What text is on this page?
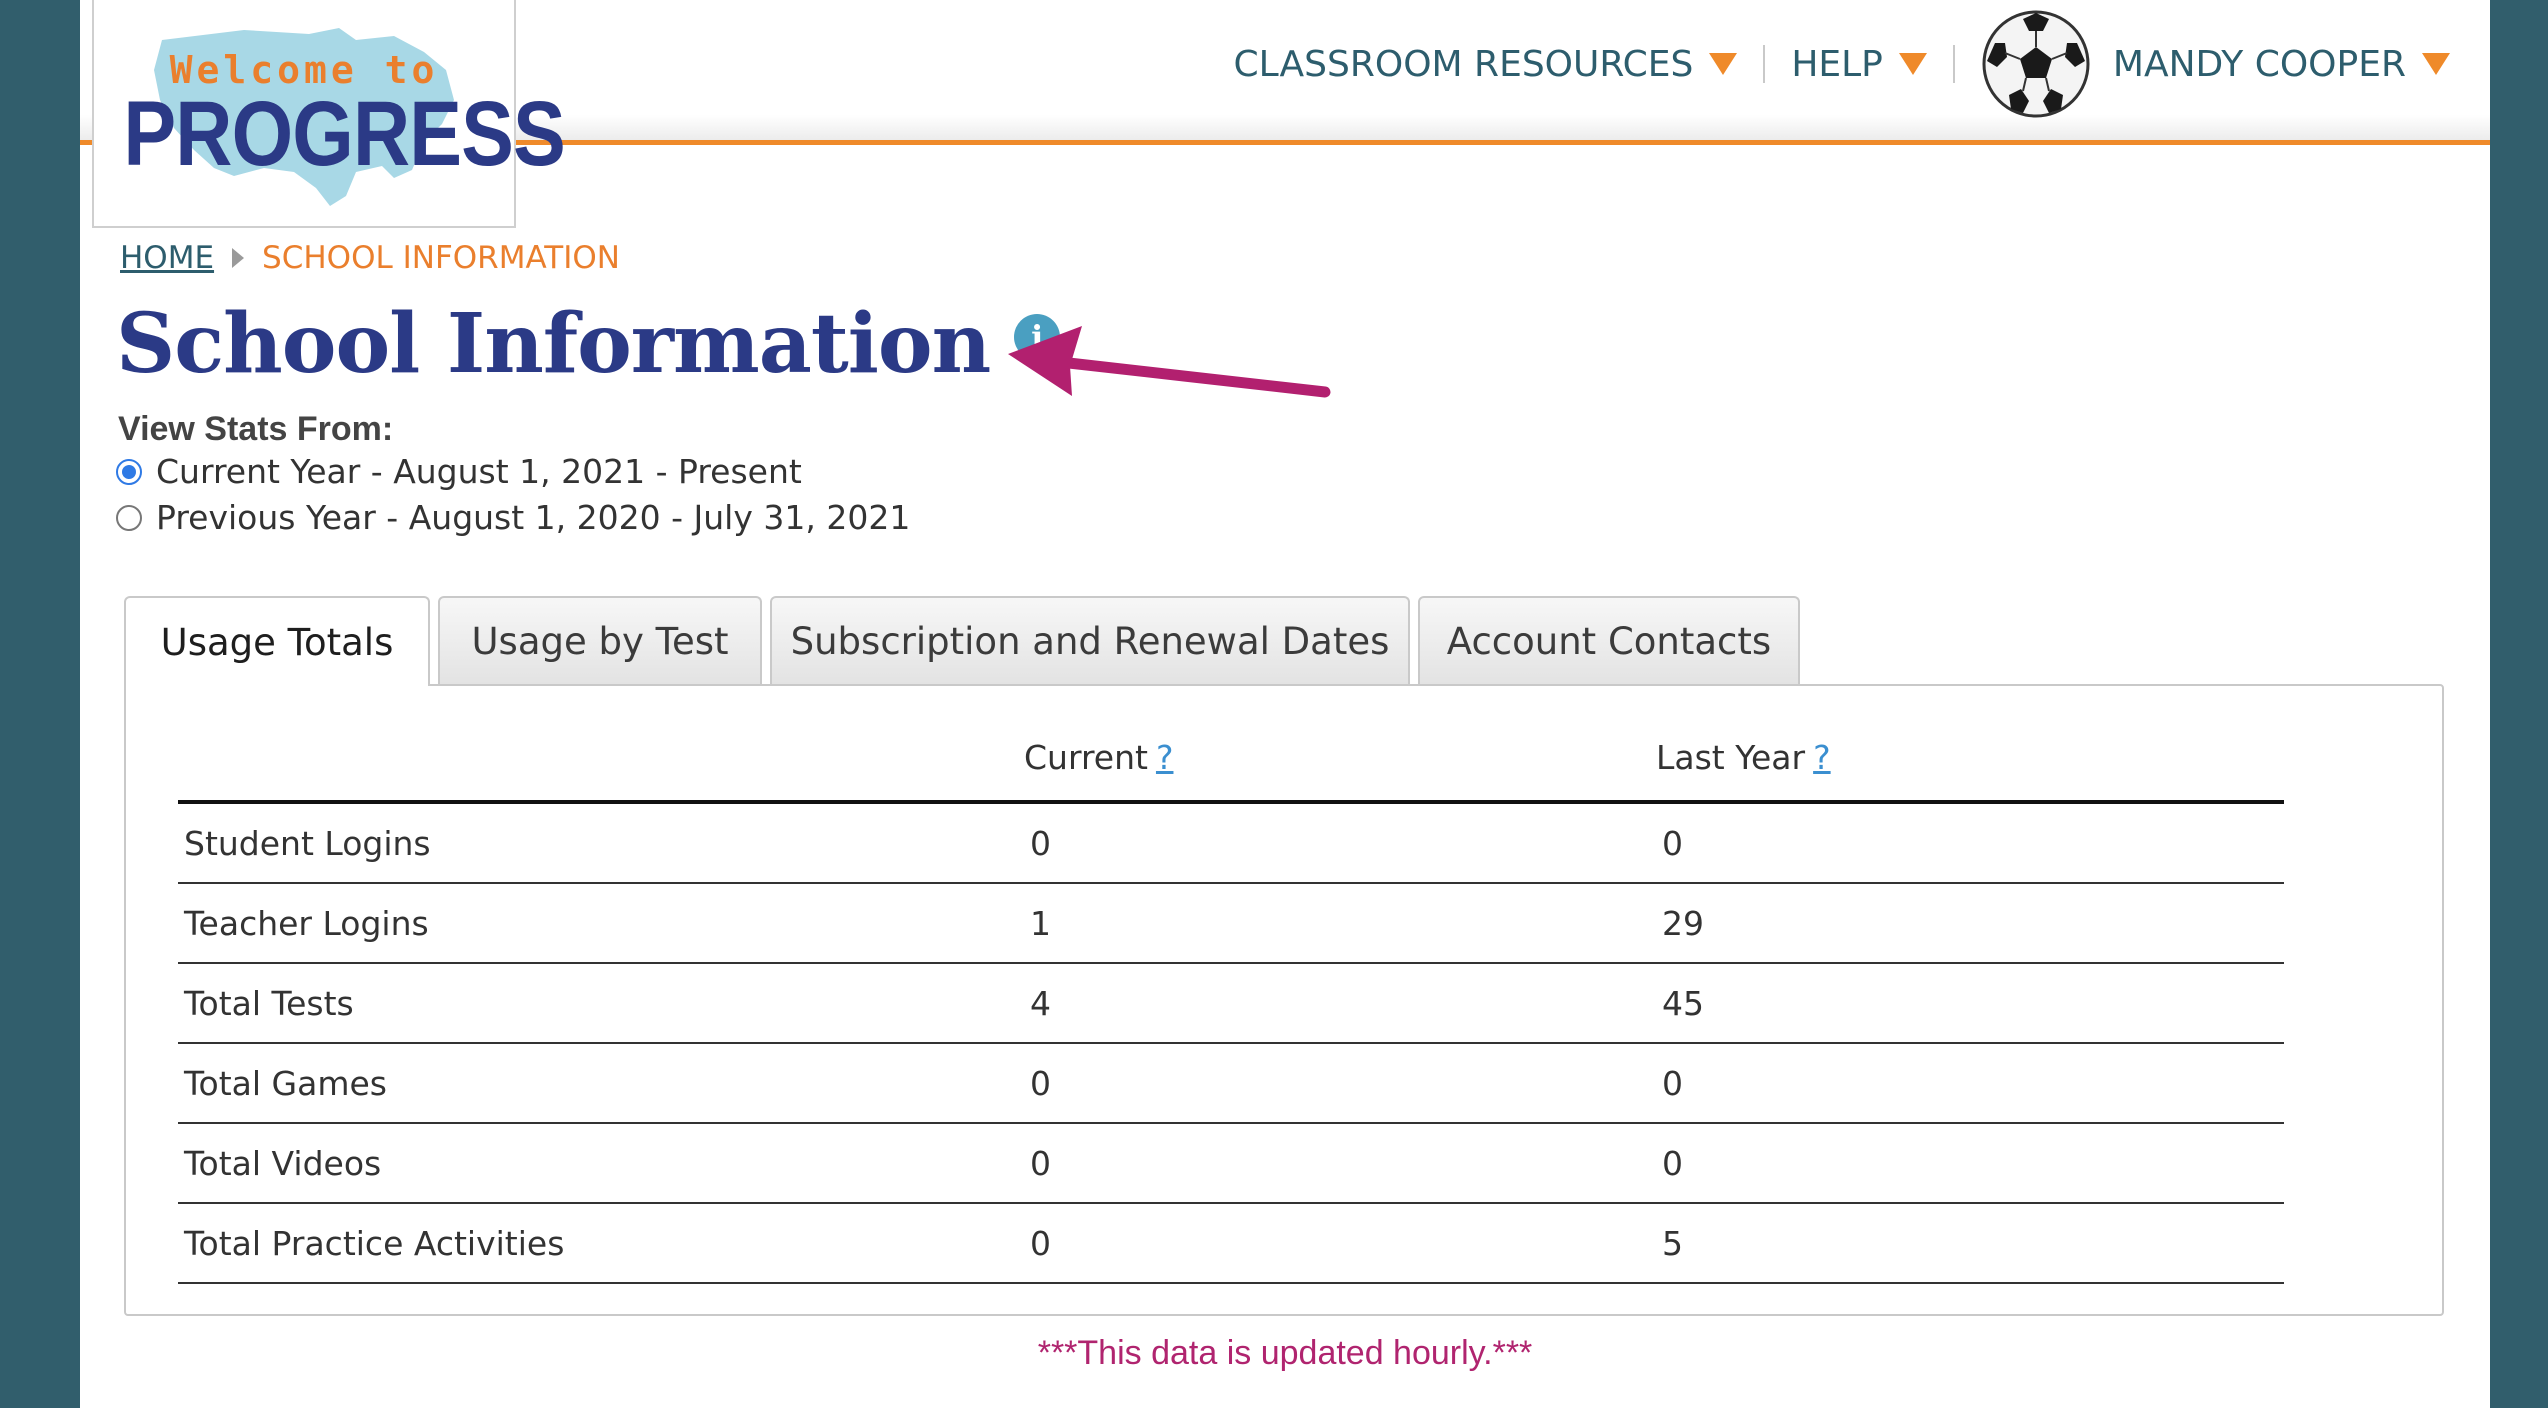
CLASSROOM RESOURCES	HELP	MANDY COOPER
Welcome to
PROGRESS
HOME SCHOOL INFORMATION
School Information	i
View Stats From:
Current Year - August 1, 2021 - Present
Previous Year - August 1, 2020 - July 31, 2021
Usage Totals	Usage by Test	Subscription and Renewal Dates	Account Contacts
	Current ?	Last Year ?
Student Logins	0	0
Teacher Logins	1	29
Total Tests	4	45
Total Games	0	0
Total Videos	0	0
Total Practice Activities	0	5
***This data is updated hourly.***
